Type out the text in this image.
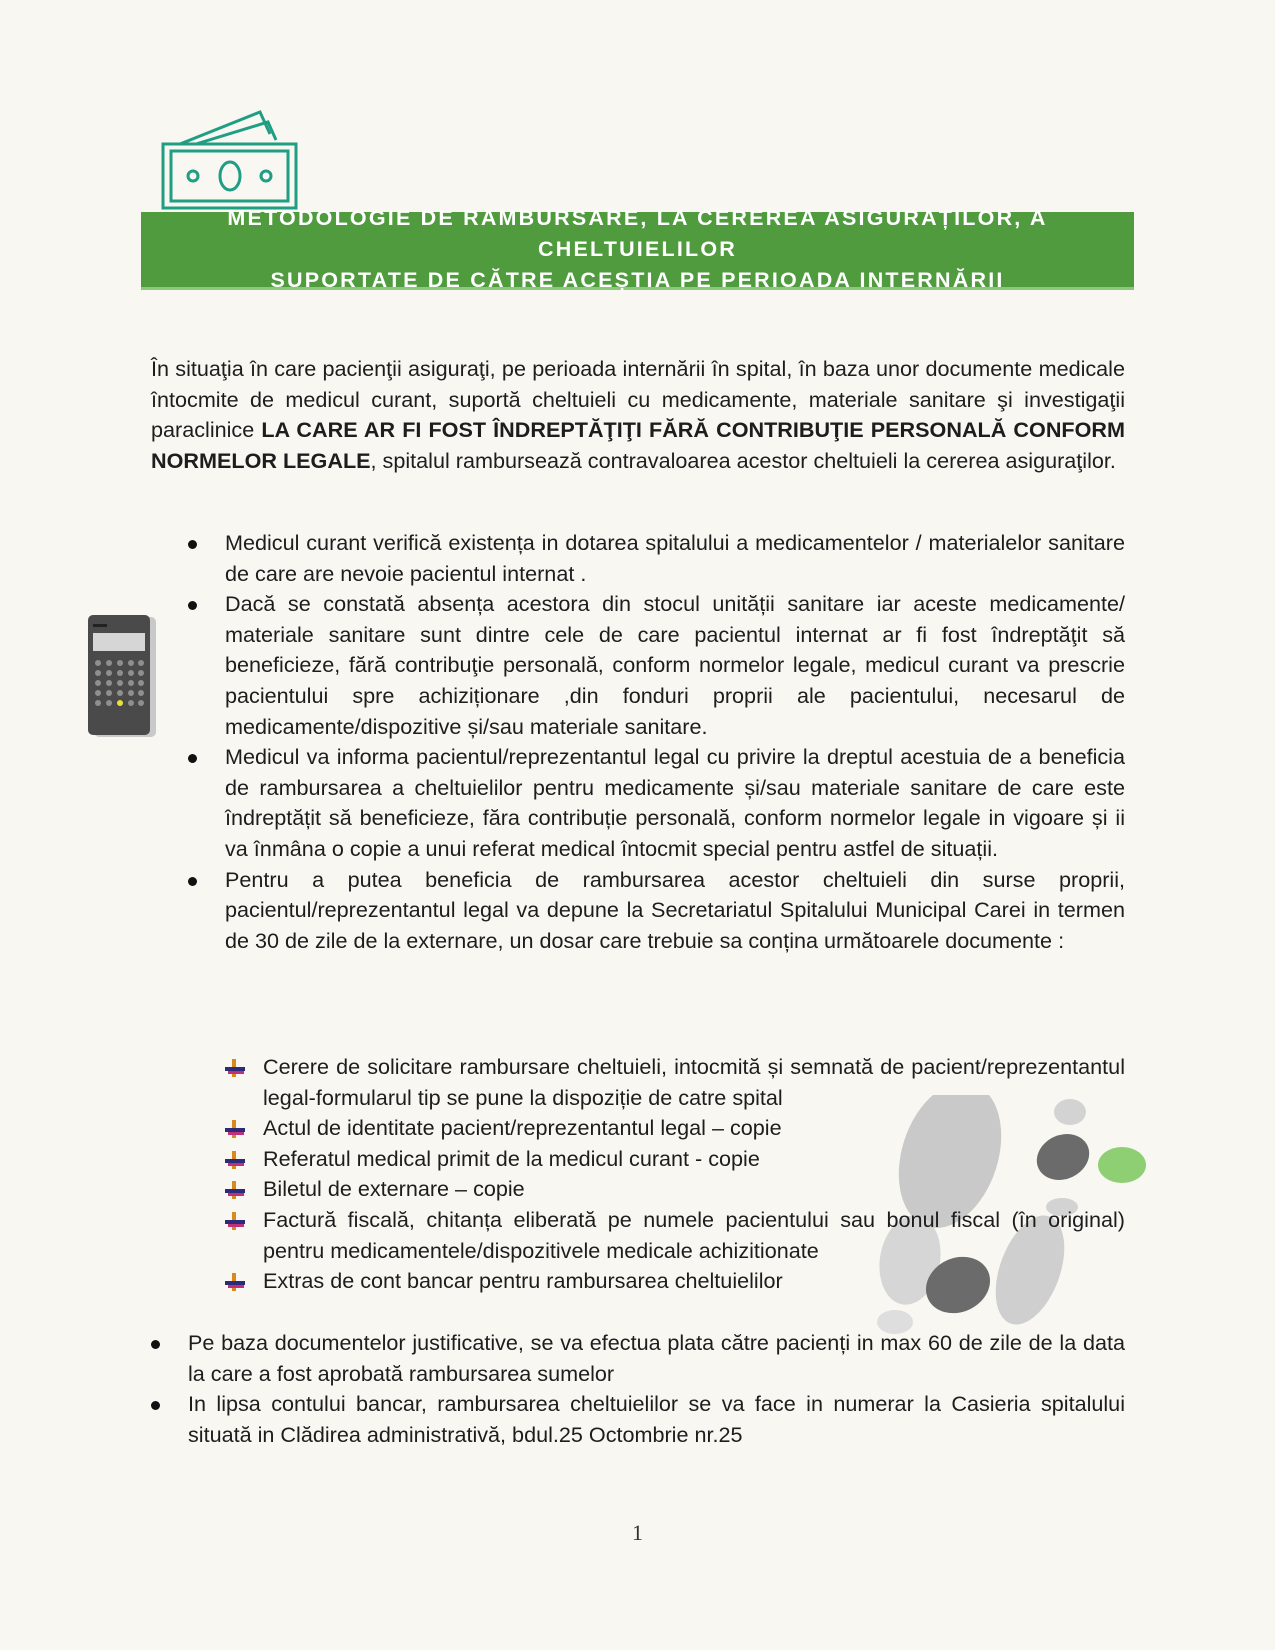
METODOLOGIE DE RAMBURSARE, LA CEREREA ASIGURAȚILOR, A CHELTUIELILOR
SUPORTATE DE CĂTRE ACEȘTIA PE PERIOADA INTERNĂRII

În situaţia în care pacienţii asiguraţi, pe perioada internării în spital, în baza unor documente medicale întocmite de medicul curant, suportă cheltuieli cu medicamente, materiale sanitare şi investigaţii paraclinice LA CARE AR FI FOST ÎNDREPTĂŢIŢI FĂRĂ CONTRIBUŢIE PERSONALĂ CONFORM NORMELOR LEGALE, spitalul rambursează contravaloarea acestor cheltuieli la cererea asiguraţilor.

Medicul curant verifică existența in dotarea spitalului a medicamentelor / materialelor sanitare de care are nevoie pacientul internat .
Dacă se constată absența acestora din stocul unității sanitare iar aceste medicamente/ materiale sanitare sunt dintre cele de care pacientul internat ar fi fost îndreptăţit să beneficieze, fără contribuţie personală, conform normelor legale, medicul curant va prescrie pacientului spre achiziționare ,din fonduri proprii ale pacientului, necesarul de medicamente/dispozitive și/sau materiale sanitare.
Medicul va informa pacientul/reprezentantul legal cu privire la dreptul acestuia de a beneficia de rambursarea a cheltuielilor pentru medicamente și/sau materiale sanitare de care este îndreptățit să beneficieze, făra contribuție personală, conform normelor legale in vigoare și ii va înmâna o copie a unui referat medical întocmit special pentru astfel de situații.
Pentru a putea beneficia de rambursarea acestor cheltuieli din surse proprii, pacientul/reprezentantul legal va depune la Secretariatul Spitalului Municipal Carei in termen de 30 de zile de la externare, un dosar care trebuie sa conțina următoarele documente :
Cerere de solicitare rambursare cheltuieli, intocmită și semnată de pacient/reprezentantul legal-formularul tip se pune la dispoziție de catre spital
Actul de identitate pacient/reprezentantul legal – copie
Referatul medical primit de la medicul curant - copie
Biletul de externare – copie
Factură fiscală, chitanța eliberată pe numele pacientului sau bonul fiscal (în original) pentru medicamentele/dispozitivele medicale achizitionate
Extras de cont bancar pentru rambursarea cheltuielilor
Pe baza documentelor justificative, se va efectua plata către pacienți in max 60 de zile de la data la care a fost aprobată rambursarea sumelor
In lipsa contului bancar, rambursarea cheltuielilor se va face in numerar la Casieria spitalului situată in Clădirea administrativă, bdul.25 Octombrie nr.25
1
